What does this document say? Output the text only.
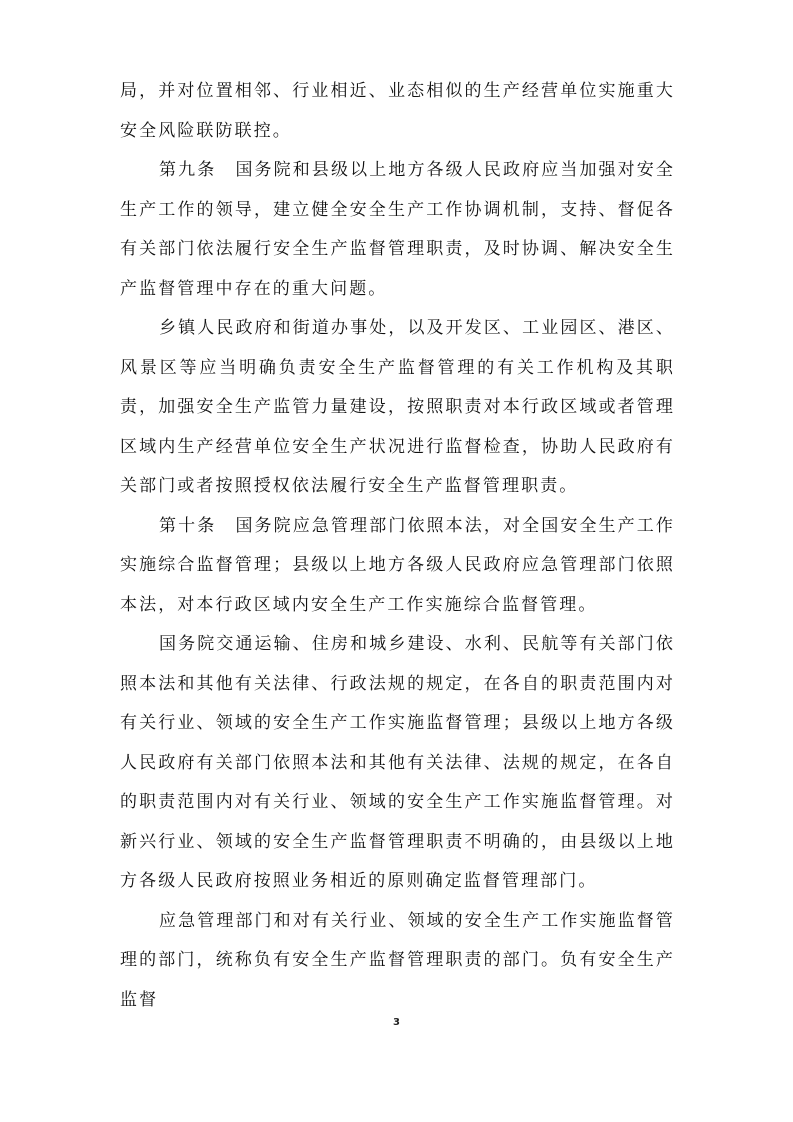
局，并对位置相邻、行业相近、业态相似的生产经营单位实施重大安全风险联防联控。

第九条　国务院和县级以上地方各级人民政府应当加强对安全生产工作的领导，建立健全安全生产工作协调机制，支持、督促各有关部门依法履行安全生产监督管理职责，及时协调、解决安全生产监督管理中存在的重大问题。

乡镇人民政府和街道办事处，以及开发区、工业园区、港区、风景区等应当明确负责安全生产监督管理的有关工作机构及其职责，加强安全生产监管力量建设，按照职责对本行政区域或者管理区域内生产经营单位安全生产状况进行监督检查，协助人民政府有关部门或者按照授权依法履行安全生产监督管理职责。

第十条　国务院应急管理部门依照本法，对全国安全生产工作实施综合监督管理；县级以上地方各级人民政府应急管理部门依照本法，对本行政区域内安全生产工作实施综合监督管理。

国务院交通运输、住房和城乡建设、水利、民航等有关部门依照本法和其他有关法律、行政法规的规定，在各自的职责范围内对有关行业、领域的安全生产工作实施监督管理；县级以上地方各级人民政府有关部门依照本法和其他有关法律、法规的规定，在各自的职责范围内对有关行业、领域的安全生产工作实施监督管理。对新兴行业、领域的安全生产监督管理职责不明确的，由县级以上地方各级人民政府按照业务相近的原则确定监督管理部门。

应急管理部门和对有关行业、领域的安全生产工作实施监督管理的部门，统称负有安全生产监督管理职责的部门。负有安全生产监督

3
